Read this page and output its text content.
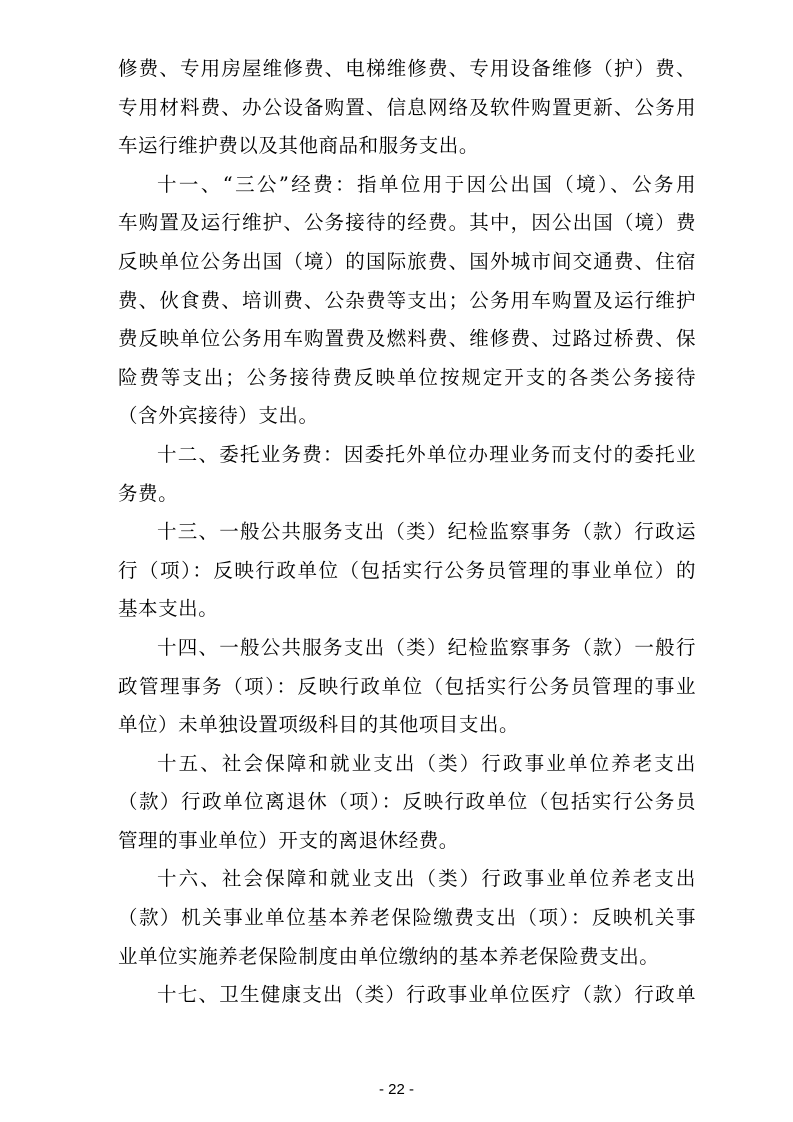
修费、专用房屋维修费、电梯维修费、专用设备维修（护）费、
专用材料费、办公设备购置、信息网络及软件购置更新、公务用
车运行维护费以及其他商品和服务支出。
十一、“三公”经费：指单位用于因公出国（境）、公务用
车购置及运行维护、公务接待的经费。其中，因公出国（境）费
反映单位公务出国（境）的国际旅费、国外城市间交通费、住宿
费、伙食费、培训费、公杂费等支出；公务用车购置及运行维护
费反映单位公务用车购置费及燃料费、维修费、过路过桥费、保
险费等支出；公务接待费反映单位按规定开支的各类公务接待
（含外宾接待）支出。
十二、委托业务费：因委托外单位办理业务而支付的委托业
务费。
十三、一般公共服务支出（类）纪检监察事务（款）行政运
行（项）：反映行政单位（包括实行公务员管理的事业单位）的
基本支出。
十四、一般公共服务支出（类）纪检监察事务（款）一般行
政管理事务（项）：反映行政单位（包括实行公务员管理的事业
单位）未单独设置项级科目的其他项目支出。
十五、社会保障和就业支出（类）行政事业单位养老支出
（款）行政单位离退休（项）：反映行政单位（包括实行公务员
管理的事业单位）开支的离退休经费。
十六、社会保障和就业支出（类）行政事业单位养老支出
（款）机关事业单位基本养老保险缴费支出（项）：反映机关事
业单位实施养老保险制度由单位缴纳的基本养老保险费支出。
十七、卫生健康支出（类）行政事业单位医疗（款）行政单
- 22 -
